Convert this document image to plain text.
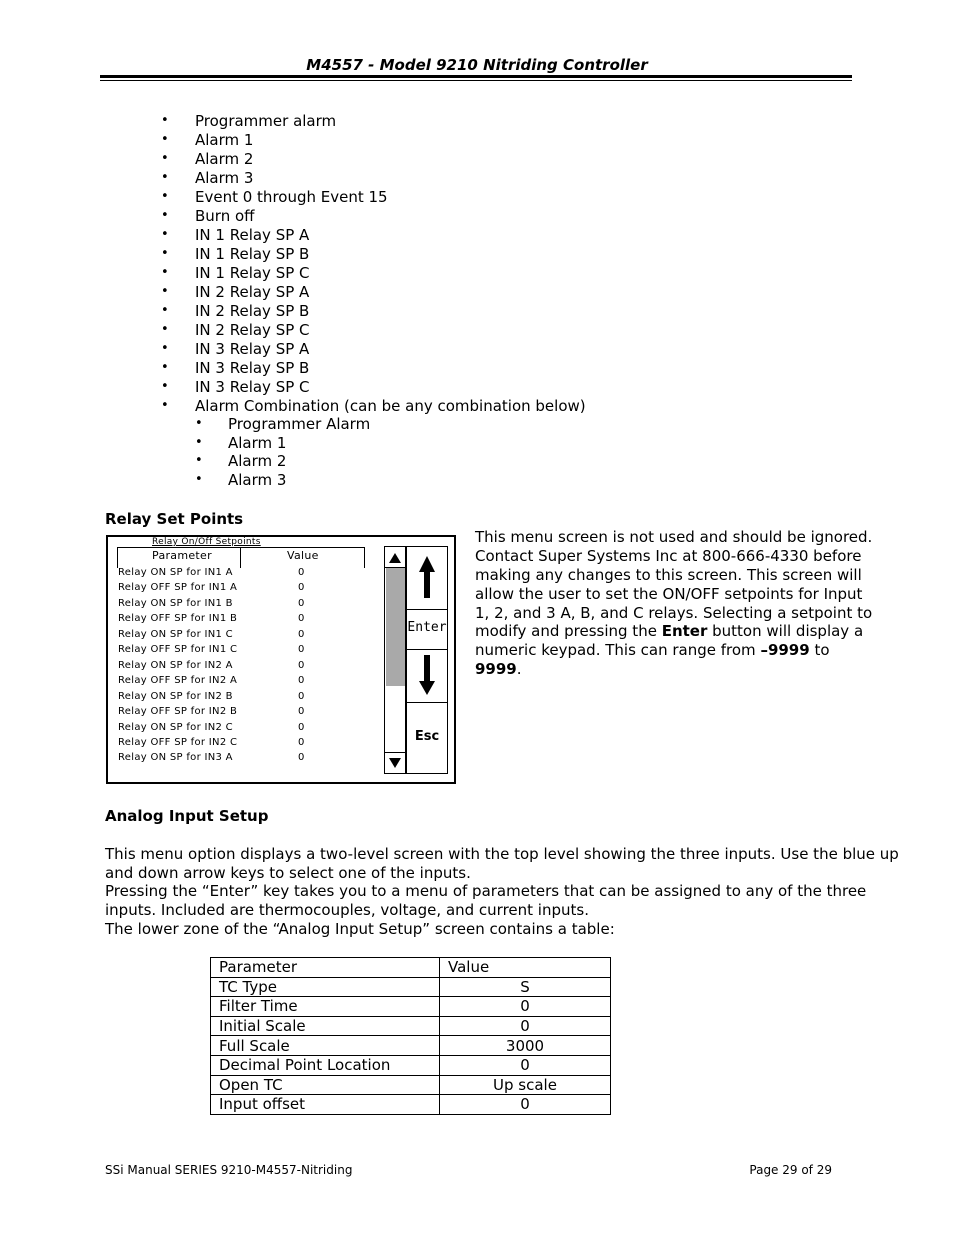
M4557 - Model 9210 Nitriding Controller
• Programmer alarm
• Alarm 1
• Alarm 2
• Alarm 3
• Event 0 through Event 15
• Burn off
• IN 1 Relay SP A
• IN 1 Relay SP B
• IN 1 Relay SP C
• IN 2 Relay SP A
• IN 2 Relay SP B
• IN 2 Relay SP C
• IN 3 Relay SP A
• IN 3 Relay SP B
• IN 3 Relay SP C
• Alarm Combination (can be any combination below)
• Programmer Alarm
• Alarm 1
• Alarm 2
• Alarm 3
Relay Set Points
Relay On/Off Setpoints
Parameter	Value
Relay ON SP for IN1 A	0
Relay OFF SP for IN1 A	0
Relay ON SP for IN1 B	0
Relay OFF SP for IN1 B	0
Relay ON SP for IN1 C	0
Relay OFF SP for IN1 C	0
Relay ON SP for IN2 A	0
Relay OFF SP for IN2 A	0
Relay ON SP for IN2 B	0
Relay OFF SP for IN2 B	0
Relay ON SP for IN2 C	0
Relay OFF SP for IN2 C	0
Relay ON SP for IN3 A	0
Enter
Esc
This menu screen is not used and should be ignored.
Contact Super Systems Inc at 800-666-4330 before
making any changes to this screen. This screen will
allow the user to set the ON/OFF setpoints for Input
1, 2, and 3 A, B, and C relays. Selecting a setpoint to
modify and pressing the Enter button will display a
numeric keypad. This can range from –9999 to
9999.
Analog Input Setup
This menu option displays a two-level screen with the top level showing the three inputs. Use the blue up
and down arrow keys to select one of the inputs.
Pressing the “Enter” key takes you to a menu of parameters that can be assigned to any of the three
inputs. Included are thermocouples, voltage, and current inputs.
The lower zone of the “Analog Input Setup” screen contains a table:
Parameter	Value
TC Type	S
Filter Time	0
Initial Scale	0
Full Scale	3000
Decimal Point Location	0
Open TC	Up scale
Input offset	0
SSi Manual SERIES 9210-M4557-Nitriding	Page 29 of 29
